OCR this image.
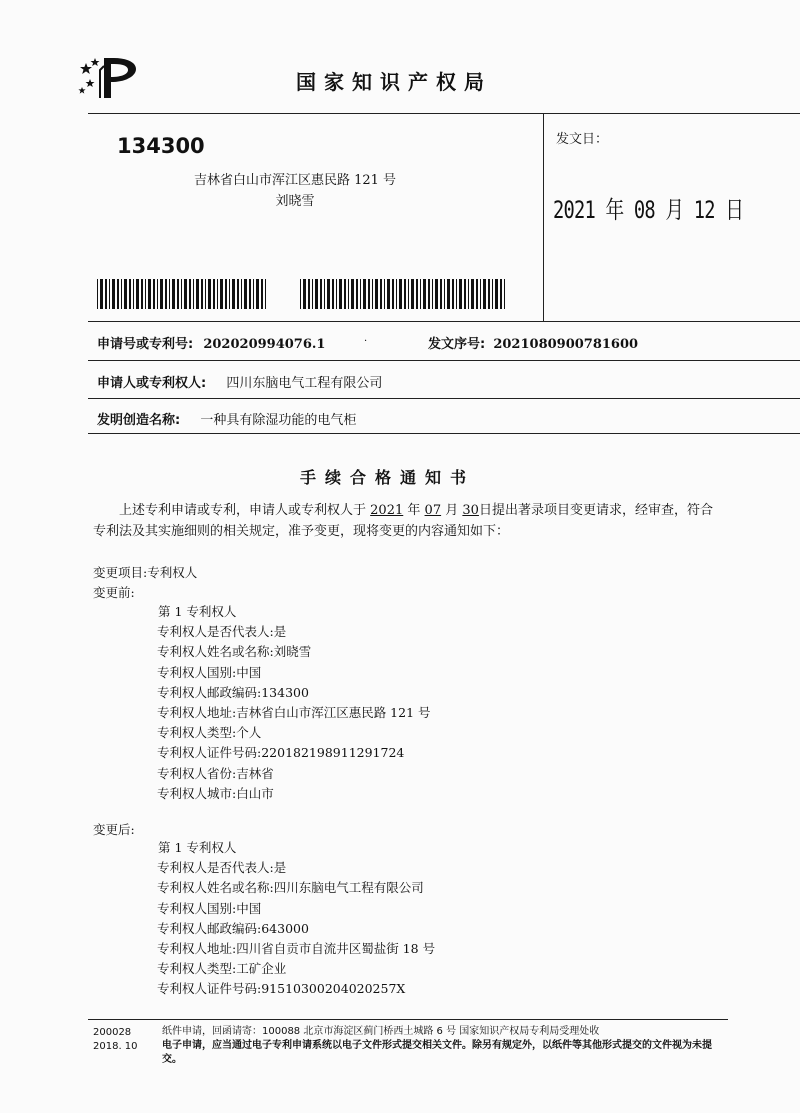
国家知识产权局
134300
吉林省白山市浑江区惠民路 121 号
刘晓雪
发文日：
2021 年 08 月 12 日
申请号或专利号: 202020994076.1	·	发文序号: 2021080900781600
申请人或专利权人: 四川东脑电气工程有限公司
发明创造名称: 一种具有除湿功能的电气柜
手续合格通知书
上述专利申请或专利，申请人或专利权人于 2021 年 07 月 30日提出著录项目变更请求，经审查，符合专利法及其实施细则的相关规定，准予变更，现将变更的内容通知如下：
变更项目:专利权人
变更前:
第 1 专利权人
专利权人是否代表人:是
专利权人姓名或名称:刘晓雪
专利权人国别:中国
专利权人邮政编码:134300
专利权人地址:吉林省白山市浑江区惠民路 121 号
专利权人类型:个人
专利权人证件号码:220182198911291724
专利权人省份:吉林省
专利权人城市:白山市
变更后:
第 1 专利权人
专利权人是否代表人:是
专利权人姓名或名称:四川东脑电气工程有限公司
专利权人国别:中国
专利权人邮政编码:643000
专利权人地址:四川省自贡市自流井区蜀盐街 18 号
专利权人类型:工矿企业
专利权人证件号码:91510300204020257X
200028
2018. 10
纸件申请，回函请寄：100088 北京市海淀区蓟门桥西土城路 6 号 国家知识产权局专利局受理处收
电子申请，应当通过电子专利申请系统以电子文件形式提交相关文件。除另有规定外，以纸件等其他形式提交的文件视为未提交。
